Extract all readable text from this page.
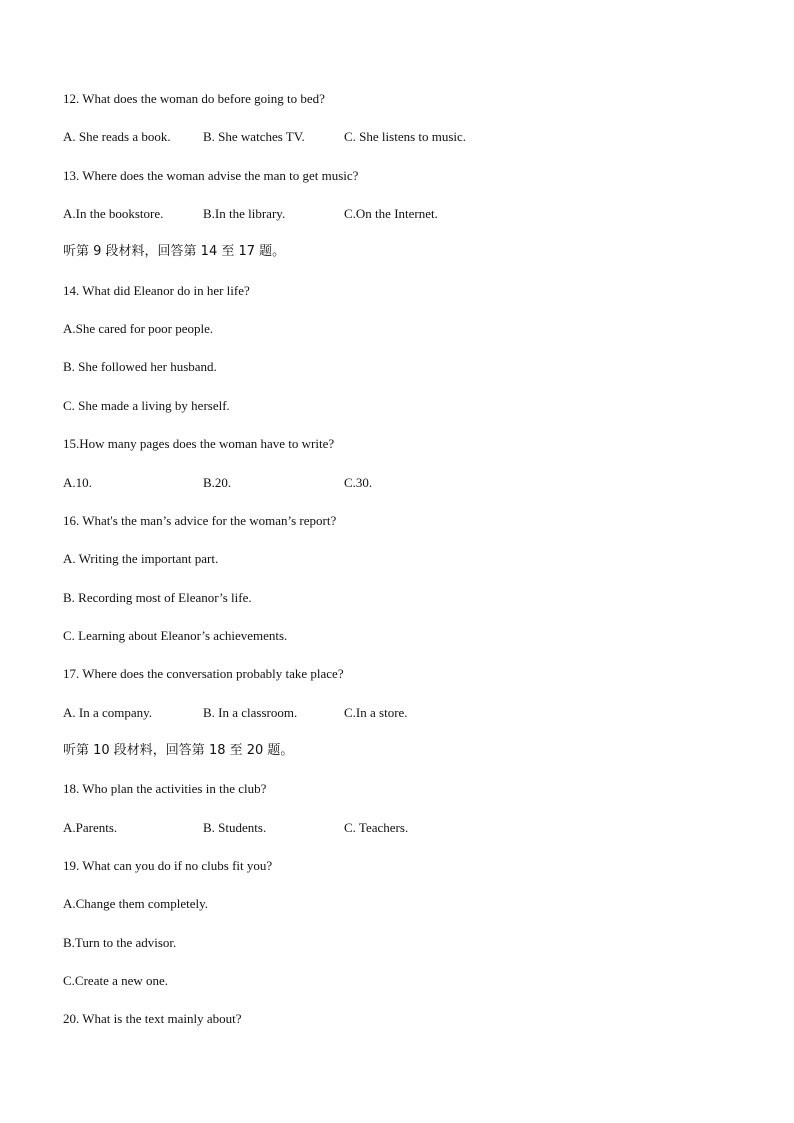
12. What does the woman do before going to bed?
A. She reads a book. B. She watches TV.	C. She listens to music.
13. Where does the woman advise the man to get music?
A.In the bookstore.	B.In the library.	C.On the Internet.
听第 9 段材料，回答第 14 至 17 题。
14. What did Eleanor do in her life?
A.She cared for poor people.
B. She followed her husband.
C. She made a living by herself.
15.How many pages does the woman have to write?
A.10.	B.20.	C.30.
16. What's the man’s advice for the woman’s report?
A. Writing the important part.
B. Recording most of Eleanor’s life.
C. Learning about Eleanor’s achievements.
17. Where does the conversation probably take place?
A. In a company.	B. In a classroom.	C.In a store.
听第 10 段材料，回答第 18 至 20 题。
18. Who plan the activities in the club?
A.Parents.	B. Students.	C. Teachers.
19. What can you do if no clubs fit you?
A.Change them completely.
B.Turn to the advisor.
C.Create a new one.
20. What is the text mainly about?
